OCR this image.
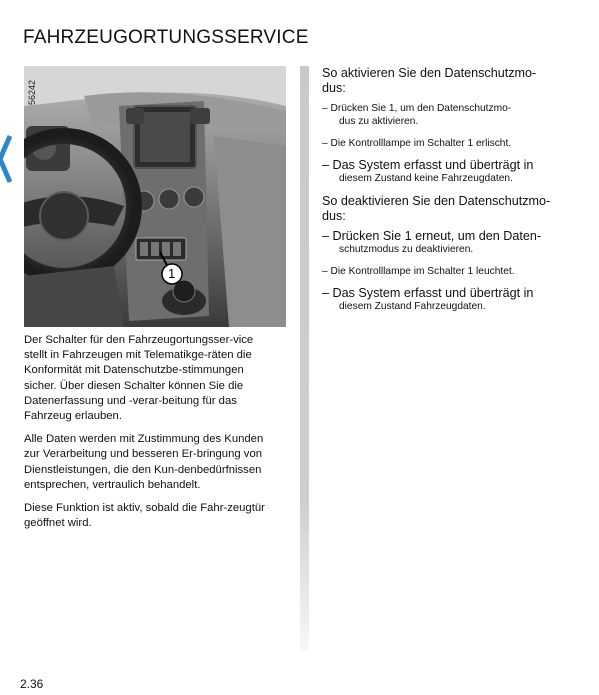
FAHRZEUGORTUNGSSERVICE
1
56242

Der Schalter für den Fahrzeugortungsser-vice stellt in Fahrzeugen mit Telematikge-räten die Konformität mit Datenschutzbe-stimmungen sicher. Über diesen Schalter können Sie die Datenerfassung und -verar-beitung für das Fahrzeug erlauben.

Alle Daten werden mit Zustimmung des Kunden zur Verarbeitung und besseren Er-bringung von Dienstleistungen, die den Kun-denbedürfnissen entsprechen, vertraulich behandelt.

Diese Funktion ist aktiv, sobald die Fahr-zeugtür geöffnet wird.

So aktivieren Sie den Datenschutzmo-
dus:
– Drücken Sie 1, um den Datenschutzmo-
dus zu aktivieren.
– Die Kontrolllampe im Schalter 1 erlischt.
– Das System erfasst und überträgt in
diesem Zustand keine Fahrzeugdaten.
So deaktivieren Sie den Datenschutzmo-
dus:
– Drücken Sie 1 erneut, um den Daten-
schutzmodus zu deaktivieren.
– Die Kontrolllampe im Schalter 1 leuchtet.
– Das System erfasst und überträgt in
diesem Zustand Fahrzeugdaten.
2.36
